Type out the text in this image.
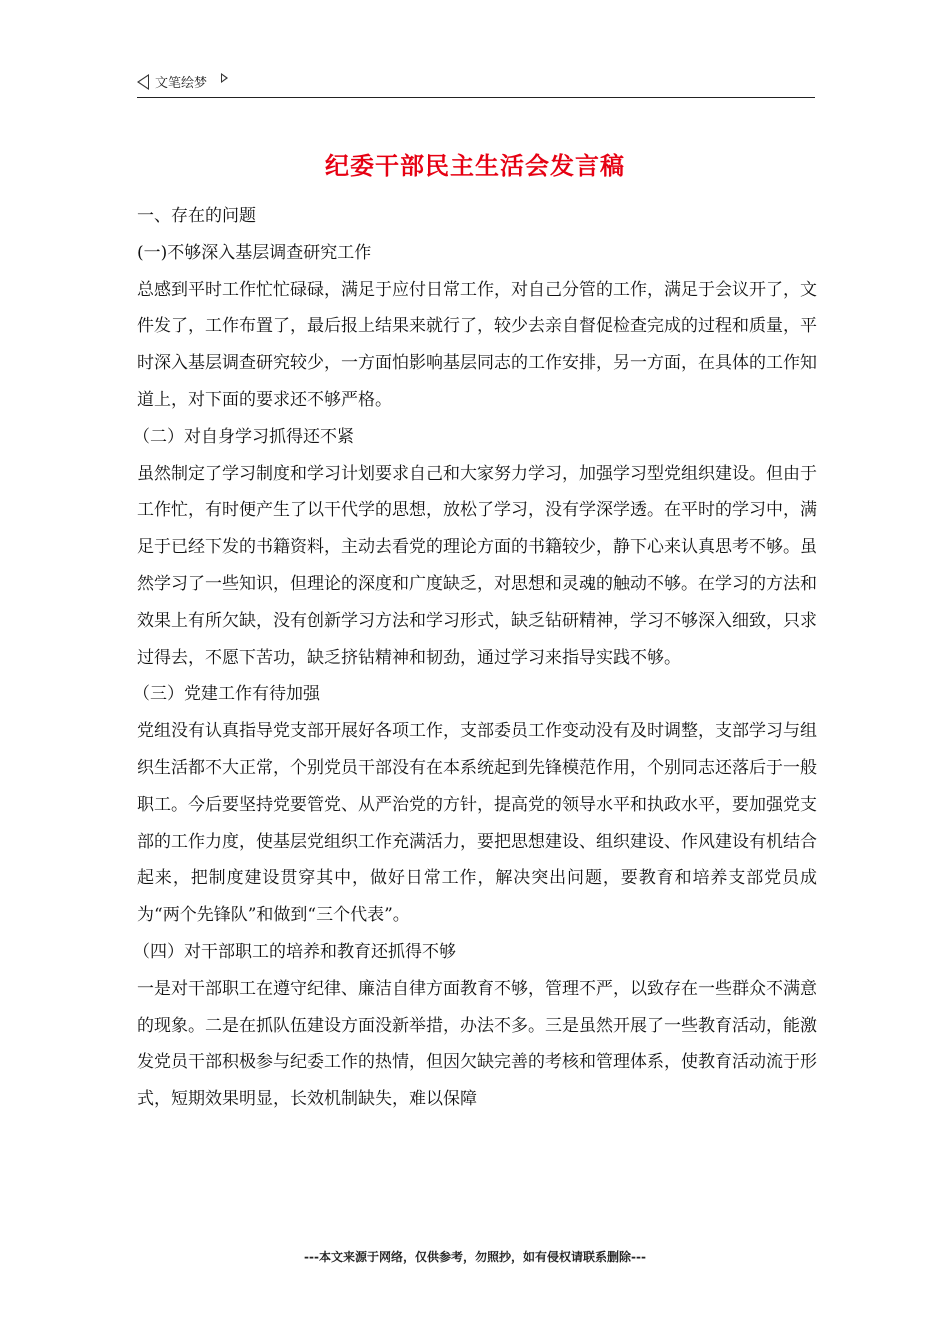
文笔绘梦
纪委干部民主生活会发言稿

一、存在的问题

(一)不够深入基层调查研究工作

总感到平时工作忙忙碌碌，满足于应付日常工作，对自己分管的工作，满足于会议开了，文件发了，工作布置了，最后报上结果来就行了，较少去亲自督促检查完成的过程和质量，平时深入基层调查研究较少，一方面怕影响基层同志的工作安排，另一方面，在具体的工作知道上，对下面的要求还不够严格。

（二）对自身学习抓得还不紧

虽然制定了学习制度和学习计划要求自己和大家努力学习，加强学习型党组织建设。但由于工作忙，有时便产生了以干代学的思想，放松了学习，没有学深学透。在平时的学习中，满足于已经下发的书籍资料，主动去看党的理论方面的书籍较少，静下心来认真思考不够。虽然学习了一些知识，但理论的深度和广度缺乏，对思想和灵魂的触动不够。在学习的方法和效果上有所欠缺，没有创新学习方法和学习形式，缺乏钻研精神，学习不够深入细致，只求过得去，不愿下苦功，缺乏挤钻精神和韧劲，通过学习来指导实践不够。

（三）党建工作有待加强

党组没有认真指导党支部开展好各项工作，支部委员工作变动没有及时调整，支部学习与组织生活都不大正常，个别党员干部没有在本系统起到先锋模范作用，个别同志还落后于一般职工。今后要坚持党要管党、从严治党的方针，提高党的领导水平和执政水平，要加强党支部的工作力度，使基层党组织工作充满活力，要把思想建设、组织建设、作风建设有机结合起来，把制度建设贯穿其中，做好日常工作，解决突出问题，要教育和培养支部党员成为“两个先锋队”和做到“三个代表”。

（四）对干部职工的培养和教育还抓得不够

一是对干部职工在遵守纪律、廉洁自律方面教育不够，管理不严，以致存在一些群众不满意的现象。二是在抓队伍建设方面没新举措，办法不多。三是虽然开展了一些教育活动，能激发党员干部积极参与纪委工作的热情，但因欠缺完善的考核和管理体系，使教育活动流于形式，短期效果明显，长效机制缺失，难以保障

---本文来源于网络，仅供参考，勿照抄，如有侵权请联系删除---
